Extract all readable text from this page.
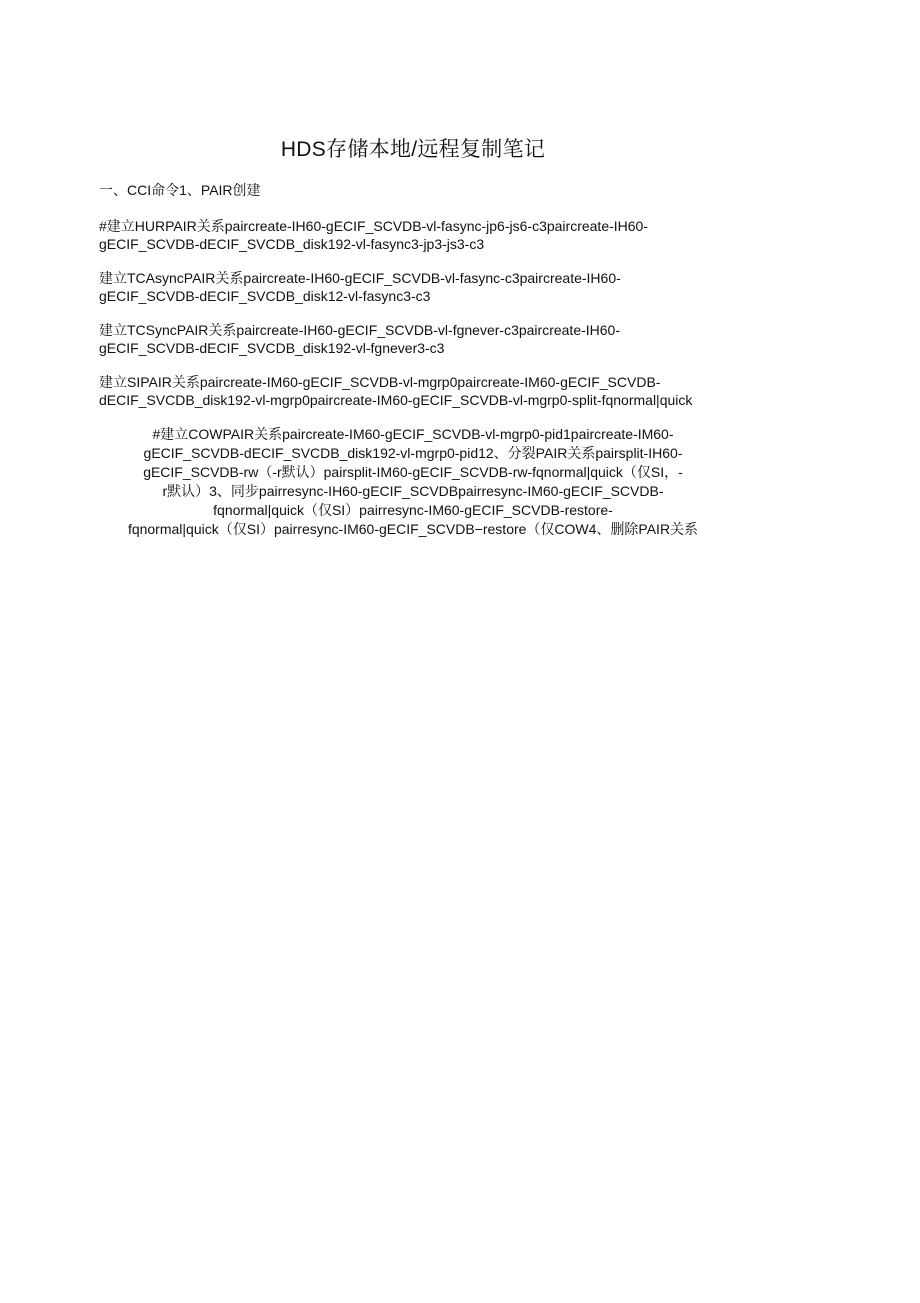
HDS存储本地/远程复制笔记
一、CCI命令1、PAIR创建
#建立HURPAIR关系paircreate-IH60-gECIF_SCVDB-vl-fasync-jp6-js6-c3paircreate-IH60-
gECIF_SCVDB-dECIF_SVCDB_disk192-vl-fasync3-jp3-js3-c3
建立TCAsyncPAIR关系paircreate-IH60-gECIF_SCVDB-vl-fasync-c3paircreate-IH60-
gECIF_SCVDB-dECIF_SVCDB_disk12-vl-fasync3-c3
建立TCSyncPAIR关系paircreate-IH60-gECIF_SCVDB-vl-fgnever-c3paircreate-IH60-
gECIF_SCVDB-dECIF_SVCDB_disk192-vl-fgnever3-c3
建立SIPAIR关系paircreate-IM60-gECIF_SCVDB-vl-mgrp0paircreate-IM60-gECIF_SCVDB-
dECIF_SVCDB_disk192-vl-mgrp0paircreate-IM60-gECIF_SCVDB-vl-mgrp0-split-fqnormal|quick
#建立COWPAIR关系paircreate-IM60-gECIF_SCVDB-vl-mgrp0-pid1paircreate-IM60-
gECIF_SCVDB-dECIF_SVCDB_disk192-vl-mgrp0-pid12、分裂PAIR关系pairsplit-IH60-
gECIF_SCVDB-rw（-r默认）pairsplit-IM60-gECIF_SCVDB-rw-fqnormal|quick（仅SI，-
r默认）3、同步pairresync-IH60-gECIF_SCVDBpairresync-IM60-gECIF_SCVDB-
fqnormal|quick（仅SI）pairresync-IM60-gECIF_SCVDB-restore-
fqnormal|quick（仅SI）pairresync-IM60-gECIF_SCVDB−restore（仅COW4、删除PAIR关系
